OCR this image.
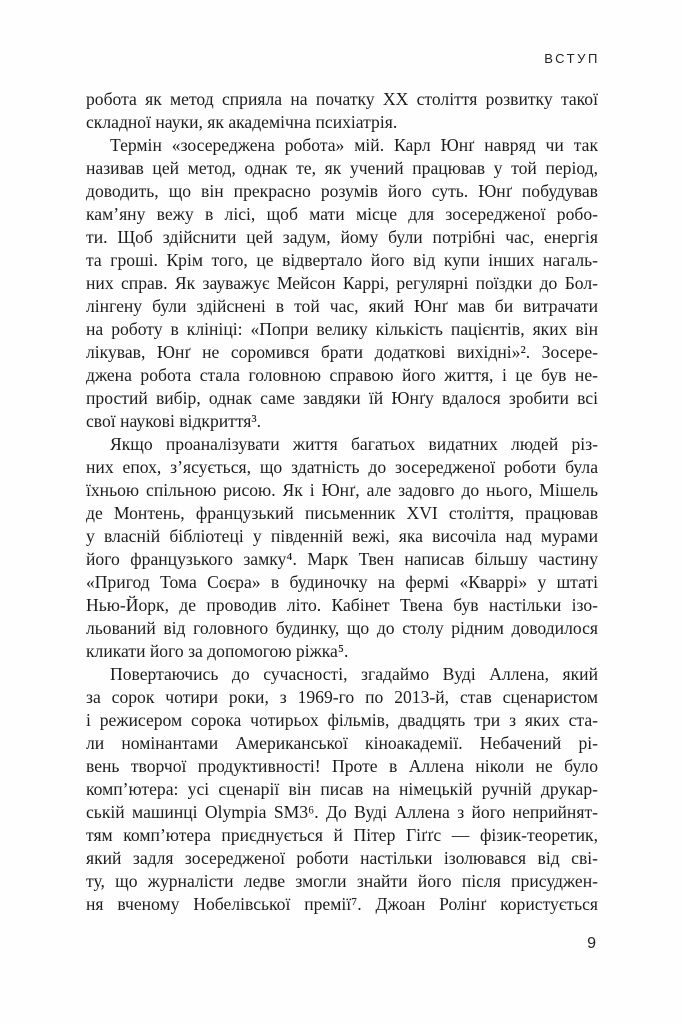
ВСТУП
робота як метод сприяла на початку XX століття розвитку такої
складної науки, як академічна психіатрія.
Термін «зосереджена робота» мій. Карл Юнґ навряд чи так
називав цей метод, однак те, як учений працював у той період,
доводить, що він прекрасно розумів його суть. Юнґ побудував
кам’яну вежу в лісі, щоб мати місце для зосередженої робо-
ти. Щоб здійснити цей задум, йому були потрібні час, енергія
та гроші. Крім того, це відвертало його від купи інших нагаль-
них справ. Як зауважує Мейсон Каррі, регулярні поїздки до Бол-
лінгену були здійснені в той час, який Юнґ мав би витрачати
на роботу в клініці: «Попри велику кількість пацієнтів, яких він
лікував, Юнґ не соромився брати додаткові вихідні»². Зосере-
джена робота стала головною справою його життя, і це був не-
простий вибір, однак саме завдяки їй Юнґу вдалося зробити всі
свої наукові відкриття³.
Якщо проаналізувати життя багатьох видатних людей різ-
них епох, з’ясується, що здатність до зосередженої роботи була
їхньою спільною рисою. Як і Юнґ, але задовго до нього, Мішель
де Монтень, французький письменник XVI століття, працював
у власній бібліотеці у південній вежі, яка височіла над мурами
його французького замку⁴. Марк Твен написав більшу частину
«Пригод Тома Соєра» в будиночку на фермі «Кваррі» у штаті
Нью-Йорк, де проводив літо. Кабінет Твена був настільки ізо-
льований від головного будинку, що до столу рідним доводилося
кликати його за допомогою ріжка⁵.
Повертаючись до сучасності, згадаймо Вуді Аллена, який
за сорок чотири роки, з 1969-го по 2013-й, став сценаристом
і режисером сорока чотирьох фільмів, двадцять три з яких ста-
ли номінантами Американської кіноакадемії. Небачений рі-
вень творчої продуктивності! Проте в Аллена ніколи не було
комп’ютера: усі сценарії він писав на німецькій ручній друкар-
ській машинці Olympia SM3⁶. До Вуді Аллена з його неприйнят-
тям комп’ютера приєднується й Пітер Гіґґс — фізик-теоретик,
який задля зосередженої роботи настільки ізолювався від сві-
ту, що журналісти ледве змогли знайти його після присуджен-
ня вченому Нобелівської премії⁷. Джоан Ролінґ користується
9
